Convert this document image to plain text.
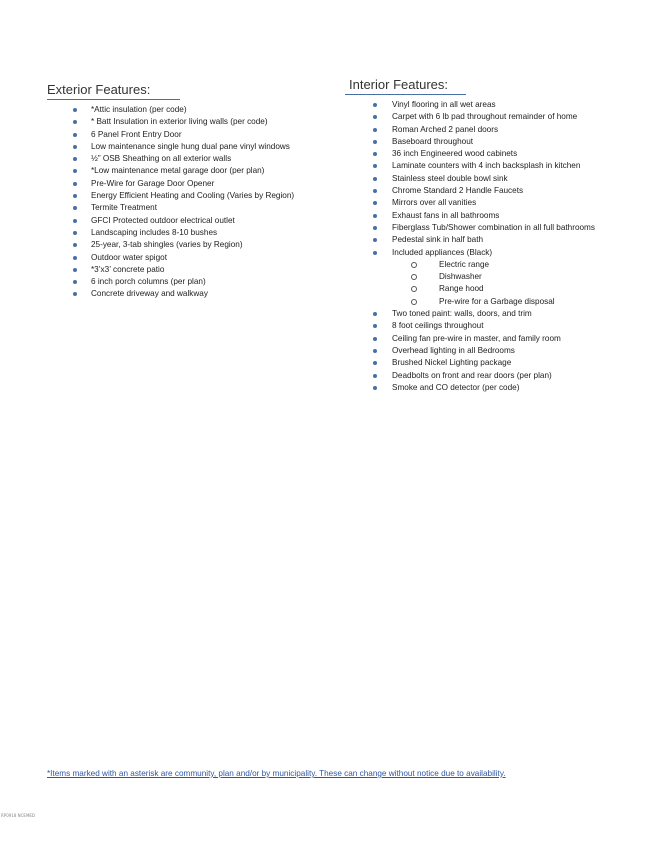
Exterior Features:
*Attic insulation (per code)
* Batt Insulation in exterior living walls (per code)
6 Panel Front Entry Door
Low maintenance single hung dual pane vinyl windows
½” OSB Sheathing on all exterior walls
*Low maintenance metal garage door (per plan)
Pre-Wire for Garage Door Opener
Energy Efficient Heating and Cooling (Varies by Region)
Termite Treatment
GFCI Protected outdoor electrical outlet
Landscaping includes 8-10 bushes
25-year, 3-tab shingles (varies by Region)
Outdoor water spigot
*3’x3’ concrete patio
6 inch porch columns (per plan)
Concrete driveway and walkway
Interior Features:
Vinyl flooring in all wet areas
Carpet with 6 lb pad throughout remainder of home
Roman Arched 2 panel doors
Baseboard throughout
36 inch Engineered wood cabinets
Laminate counters with 4 inch backsplash in kitchen
Stainless steel double bowl sink
Chrome Standard 2 Handle Faucets
Mirrors over all vanities
Exhaust fans in all bathrooms
Fiberglass Tub/Shower combination in all full bathrooms
Pedestal sink in half bath
Included appliances (Black)
Electric range
Dishwasher
Range hood
Pre-wire for a Garbage disposal
Two toned paint: walls, doors, and trim
8 foot ceilings throughout
Ceiling fan pre-wire in master, and family room
Overhead lighting in all Bedrooms
Brushed Nickel Lighting package
Deadbolts on front and rear doors (per plan)
Smoke and CO detector (per code)
*Items marked with an asterisk are community, plan and/or by municipality. These can change without notice due to availability.
RP0918 NCEMED
